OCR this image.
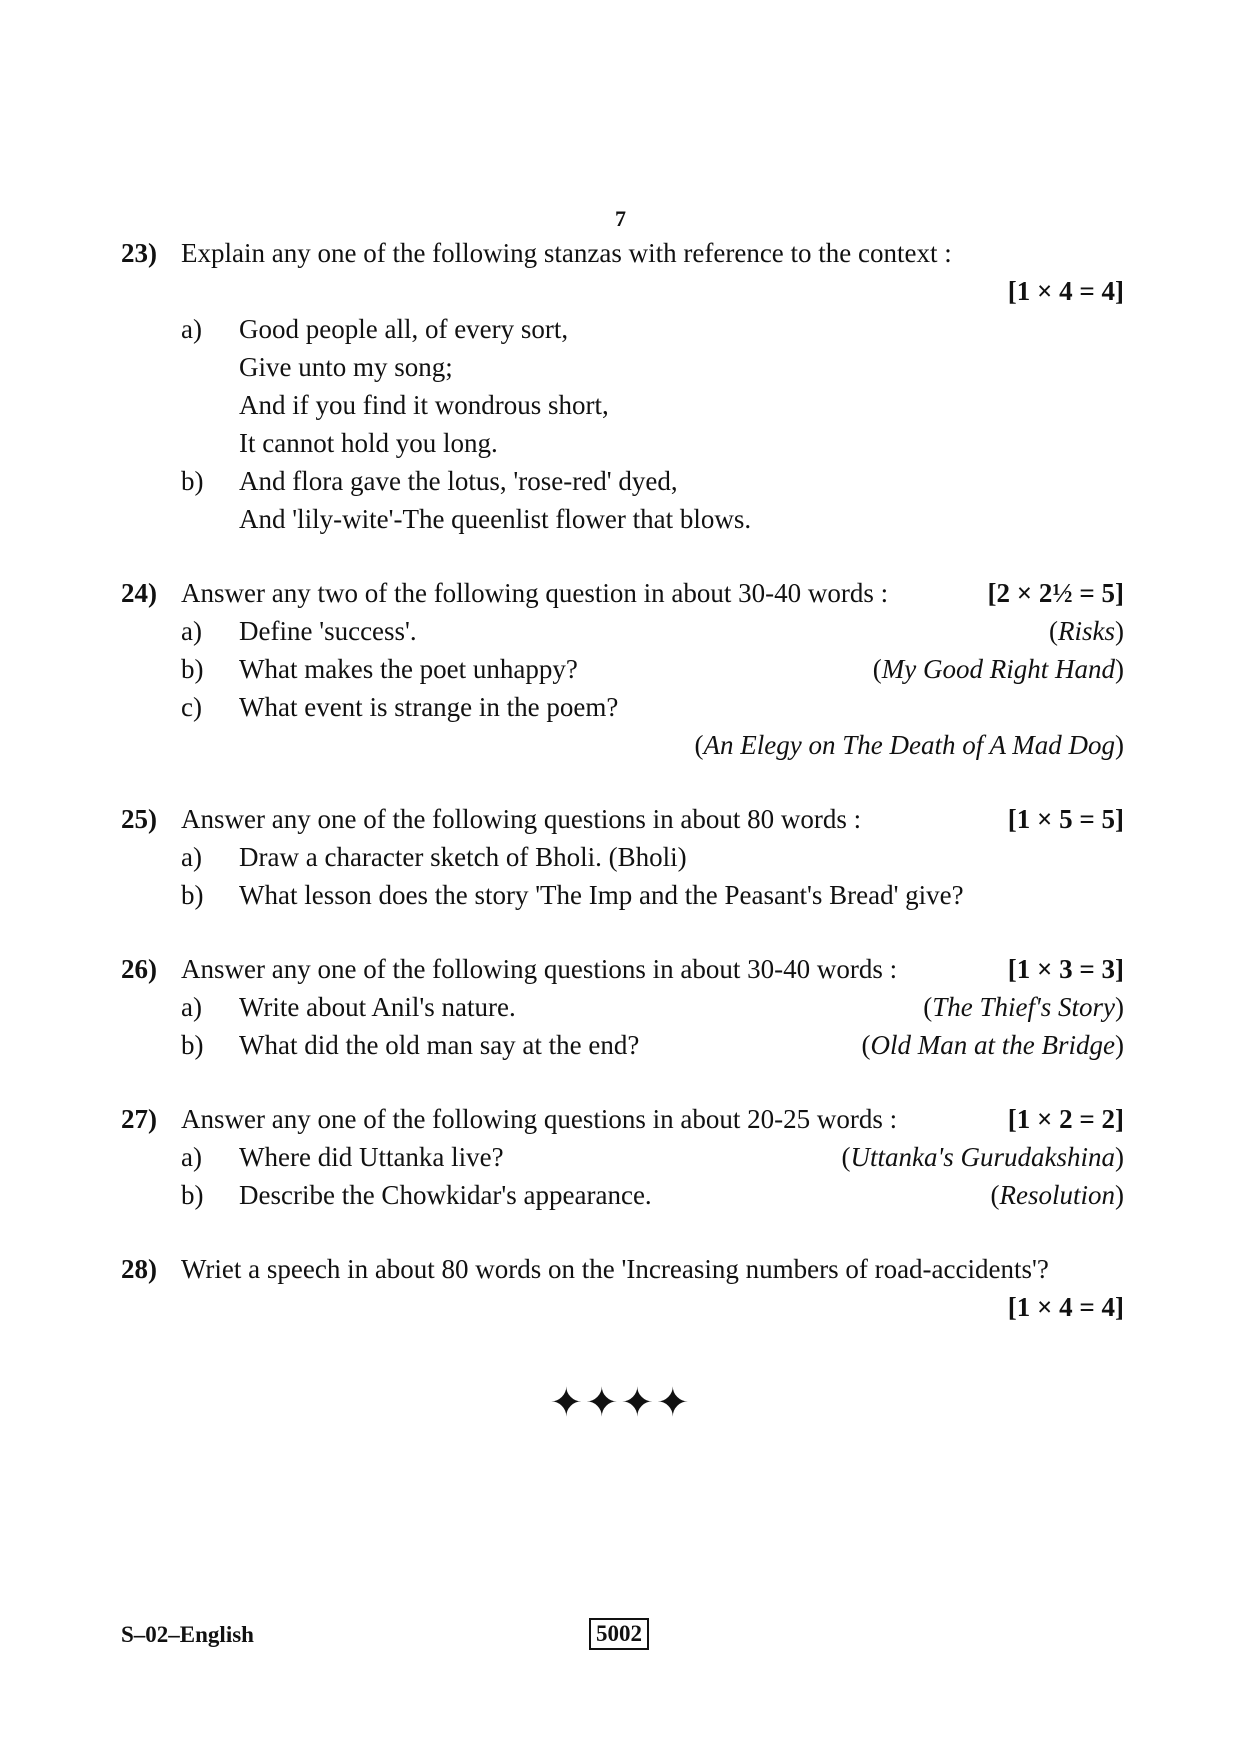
7
23) Explain any one of the following stanzas with reference to the context :
[1 × 4 = 4]
a) Good people all, of every sort,
Give unto my song;
And if you find it wondrous short,
It cannot hold you long.
b) And flora gave the lotus, 'rose-red' dyed,
And 'lily-wite'-The queenlist flower that blows.
24) Answer any two of the following question in about 30-40 words :	[2 × 2½ = 5]
a) Define 'success'.	(Risks)
b) What makes the poet unhappy?	(My Good Right Hand)
c) What event is strange in the poem?
(An Elegy on The Death of A Mad Dog)
25) Answer any one of the following questions in about 80 words :	[1 × 5 = 5]
a) Draw a character sketch of Bholi. (Bholi)
b) What lesson does the story 'The Imp and the Peasant's Bread' give?
26) Answer any one of the following questions in about 30-40 words :	[1 × 3 = 3]
a) Write about Anil's nature.	(The Thief's Story)
b) What did the old man say at the end?	(Old Man at the Bridge)
27) Answer any one of the following questions in about 20-25 words :	[1 × 2 = 2]
a) Where did Uttanka live?	(Uttanka's Gurudakshina)
b) Describe the Chowkidar's appearance.	(Resolution)
28) Wriet a speech in about 80 words on the 'Increasing numbers of road-accidents'?
[1 × 4 = 4]
✦✦✦✦
S–02–English	5002
